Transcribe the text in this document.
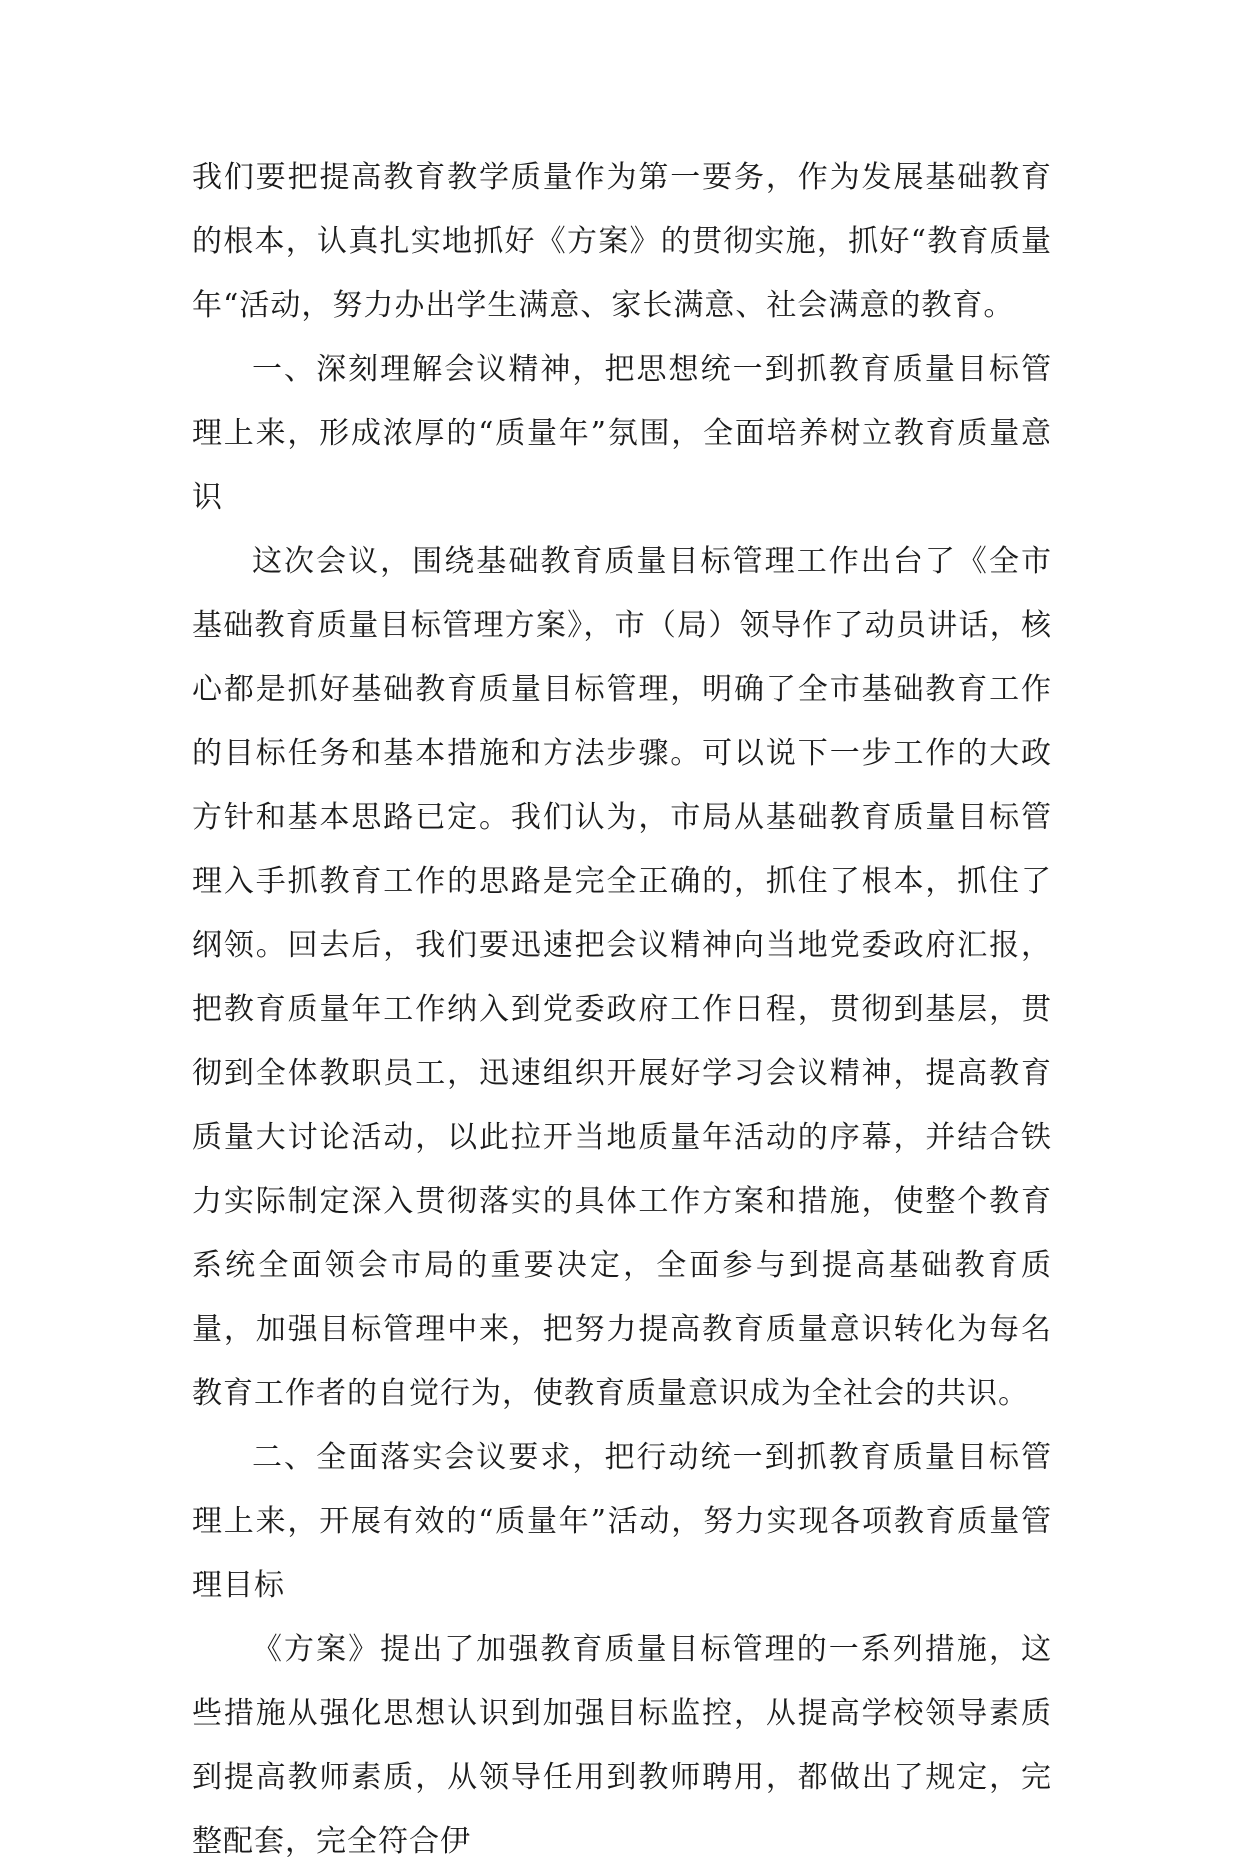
我们要把提高教育教学质量作为第一要务，作为发展基础教育的根本，认真扎实地抓好《方案》的贯彻实施，抓好“教育质量年“活动，努力办出学生满意、家长满意、社会满意的教育。

一、深刻理解会议精神，把思想统一到抓教育质量目标管理上来，形成浓厚的“质量年”氛围，全面培养树立教育质量意识

这次会议，围绕基础教育质量目标管理工作出台了《全市基础教育质量目标管理方案》，市（局）领导作了动员讲话，核心都是抓好基础教育质量目标管理，明确了全市基础教育工作的目标任务和基本措施和方法步骤。可以说下一步工作的大政方针和基本思路已定。我们认为，市局从基础教育质量目标管理入手抓教育工作的思路是完全正确的，抓住了根本，抓住了纲领。回去后，我们要迅速把会议精神向当地党委政府汇报，把教育质量年工作纳入到党委政府工作日程，贯彻到基层，贯彻到全体教职员工，迅速组织开展好学习会议精神，提高教育质量大讨论活动，以此拉开当地质量年活动的序幕，并结合铁力实际制定深入贯彻落实的具体工作方案和措施，使整个教育系统全面领会市局的重要决定，全面参与到提高基础教育质量，加强目标管理中来，把努力提高教育质量意识转化为每名教育工作者的自觉行为，使教育质量意识成为全社会的共识。

二、全面落实会议要求，把行动统一到抓教育质量目标管理上来，开展有效的“质量年”活动，努力实现各项教育质量管理目标

《方案》提出了加强教育质量目标管理的一系列措施，这些措施从强化思想认识到加强目标监控，从提高学校领导素质到提高教师素质，从领导任用到教师聘用，都做出了规定，完整配套，完全符合伊
